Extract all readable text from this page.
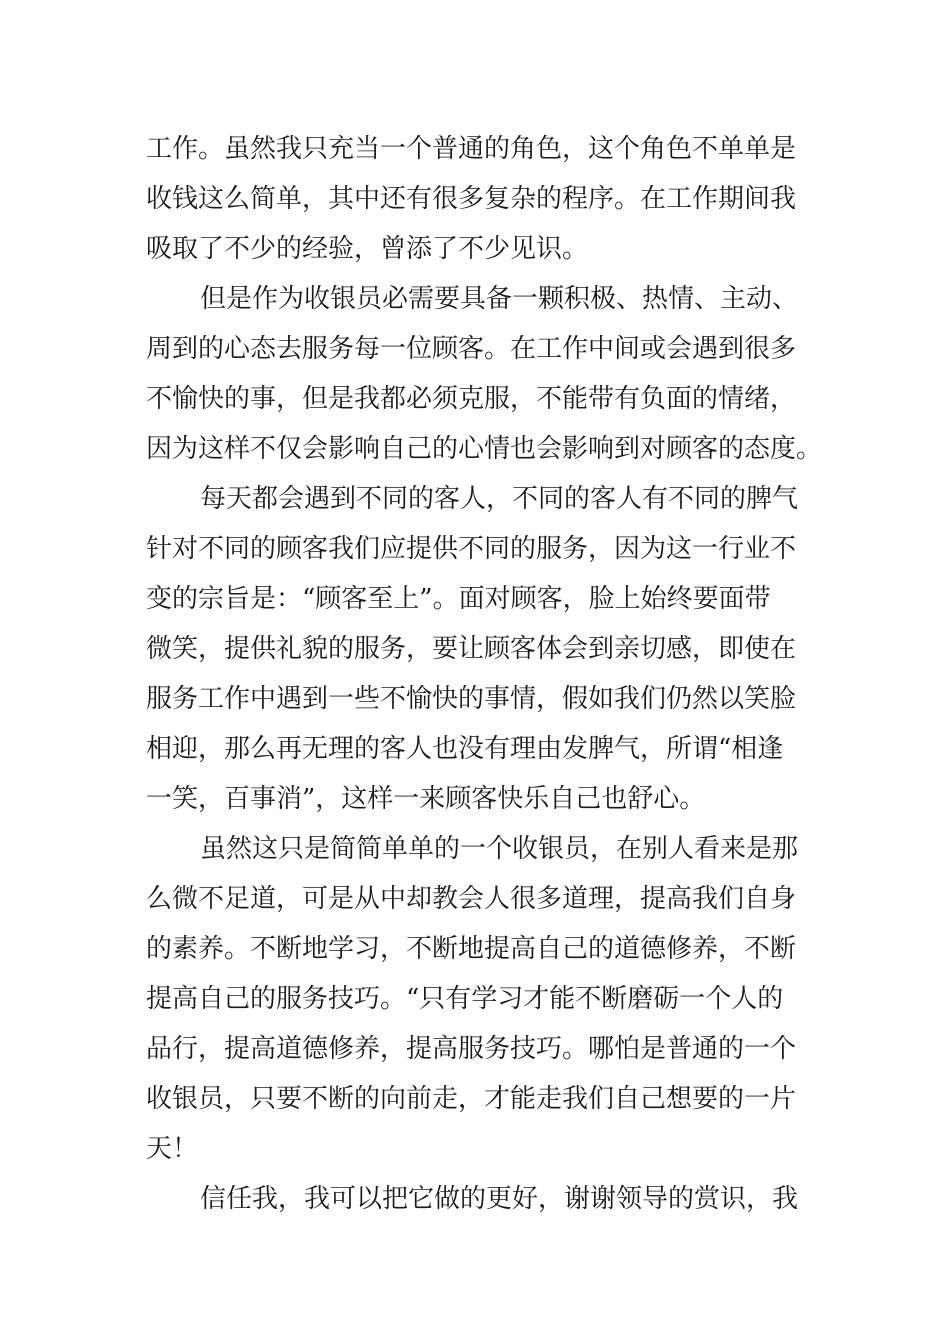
工作。虽然我只充当一个普通的角色，这个角色不单单是
收钱这么简单，其中还有很多复杂的程序。在工作期间我
吸取了不少的经验，曾添了不少见识。
但是作为收银员必需要具备一颗积极、热情、主动、
周到的心态去服务每一位顾客。在工作中间或会遇到很多
不愉快的事，但是我都必须克服，不能带有负面的情绪，
因为这样不仅会影响自己的心情也会影响到对顾客的态度。
每天都会遇到不同的客人，不同的客人有不同的脾气
针对不同的顾客我们应提供不同的服务，因为这一行业不
变的宗旨是：“顾客至上”。面对顾客，脸上始终要面带
微笑，提供礼貌的服务，要让顾客体会到亲切感，即使在
服务工作中遇到一些不愉快的事情，假如我们仍然以笑脸
相迎，那么再无理的客人也没有理由发脾气，所谓“相逢
一笑，百事消”，这样一来顾客快乐自己也舒心。
虽然这只是简简单单的一个收银员，在别人看来是那
么微不足道，可是从中却教会人很多道理，提高我们自身
的素养。不断地学习，不断地提高自己的道德修养，不断
提高自己的服务技巧。“只有学习才能不断磨砺一个人的
品行，提高道德修养，提高服务技巧。哪怕是普通的一个
收银员，只要不断的向前走，才能走我们自己想要的一片
天！
信任我，我可以把它做的更好，谢谢领导的赏识，我
